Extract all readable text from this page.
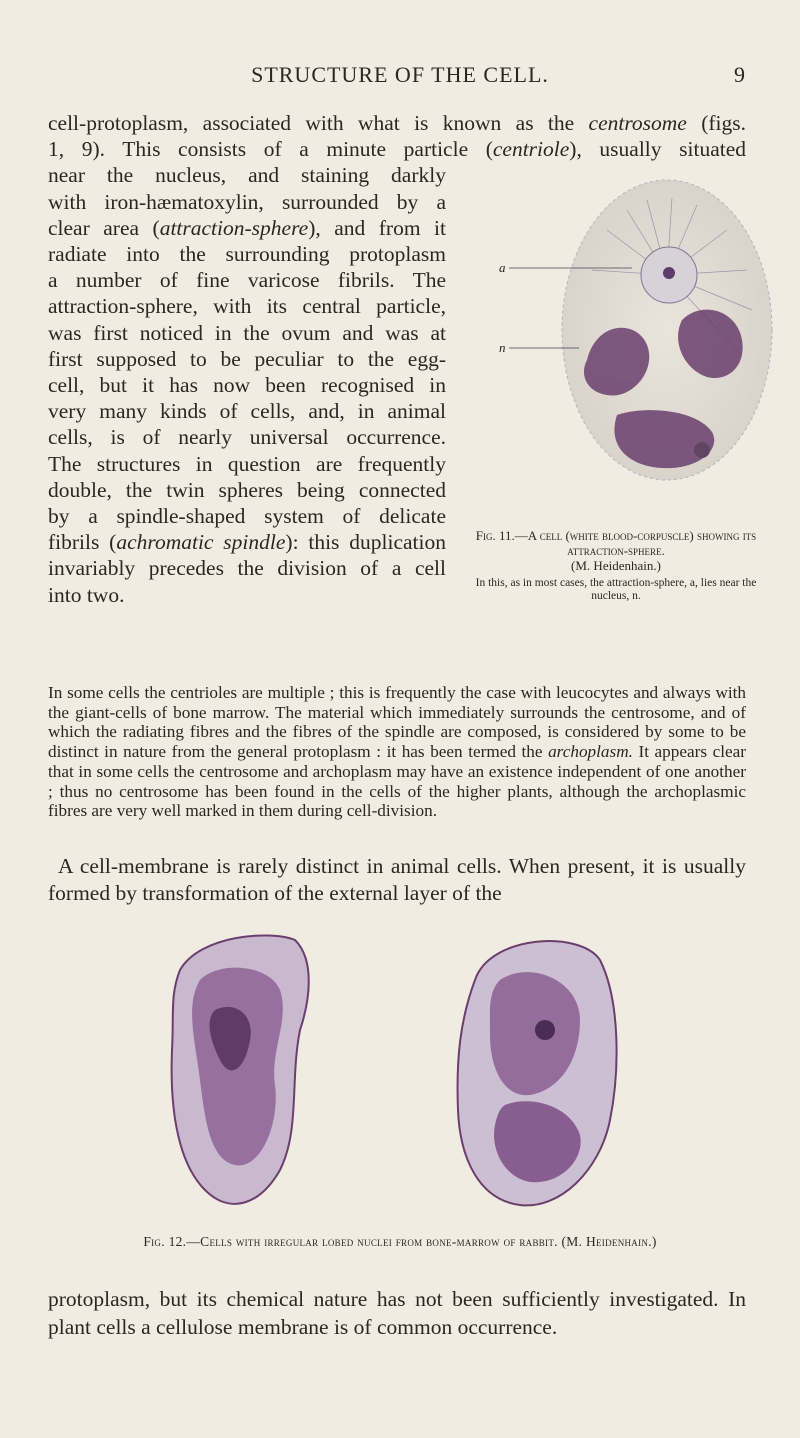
STRUCTURE OF THE CELL.	9
cell-protoplasm, associated with what is known as the centrosome (figs.
1, 9). This consists of a minute particle (centriole), usually situated
near the nucleus, and staining darkly
with iron-hæmatoxylin, surrounded by a
clear area (attraction-sphere), and from it
radiate into the surrounding protoplasm
a number of fine varicose fibrils. The
attraction-sphere, with its central particle,
was first noticed in the ovum and was at
first supposed to be peculiar to the egg-
cell, but it has now been recognised in
very many kinds of cells, and, in animal
cells, is of nearly universal occurrence.
The structures in question are frequently
double, the twin spheres being connected
by a spindle-shaped system of delicate
fibrils (achromatic spindle): this duplication
invariably precedes the division of a cell
into two.
a
n
Fig. 11.—A cell (white blood-corpuscle) showing its attraction-sphere.
(M. Heidenhain.)
In this, as in most cases, the attraction-sphere, a, lies near the nucleus, n.

In some cells the centrioles are multiple ; this is frequently the case with leucocytes and always with the giant-cells of bone marrow. The material which immediately surrounds the centrosome, and of which the radiating fibres and the fibres of the spindle are composed, is considered by some to be distinct in nature from the general protoplasm : it has been termed the archoplasm. It appears clear that in some cells the centrosome and archoplasm may have an existence independent of one another ; thus no centrosome has been found in the cells of the higher plants, although the archoplasmic fibres are very well marked in them during cell-division.

A cell-membrane is rarely distinct in animal cells. When present, it is usually formed by transformation of the external layer of the

Fig. 12.—Cells with irregular lobed nuclei from bone-marrow of rabbit. (M. Heidenhain.)

protoplasm, but its chemical nature has not been sufficiently investigated. In plant cells a cellulose membrane is of common occurrence.
